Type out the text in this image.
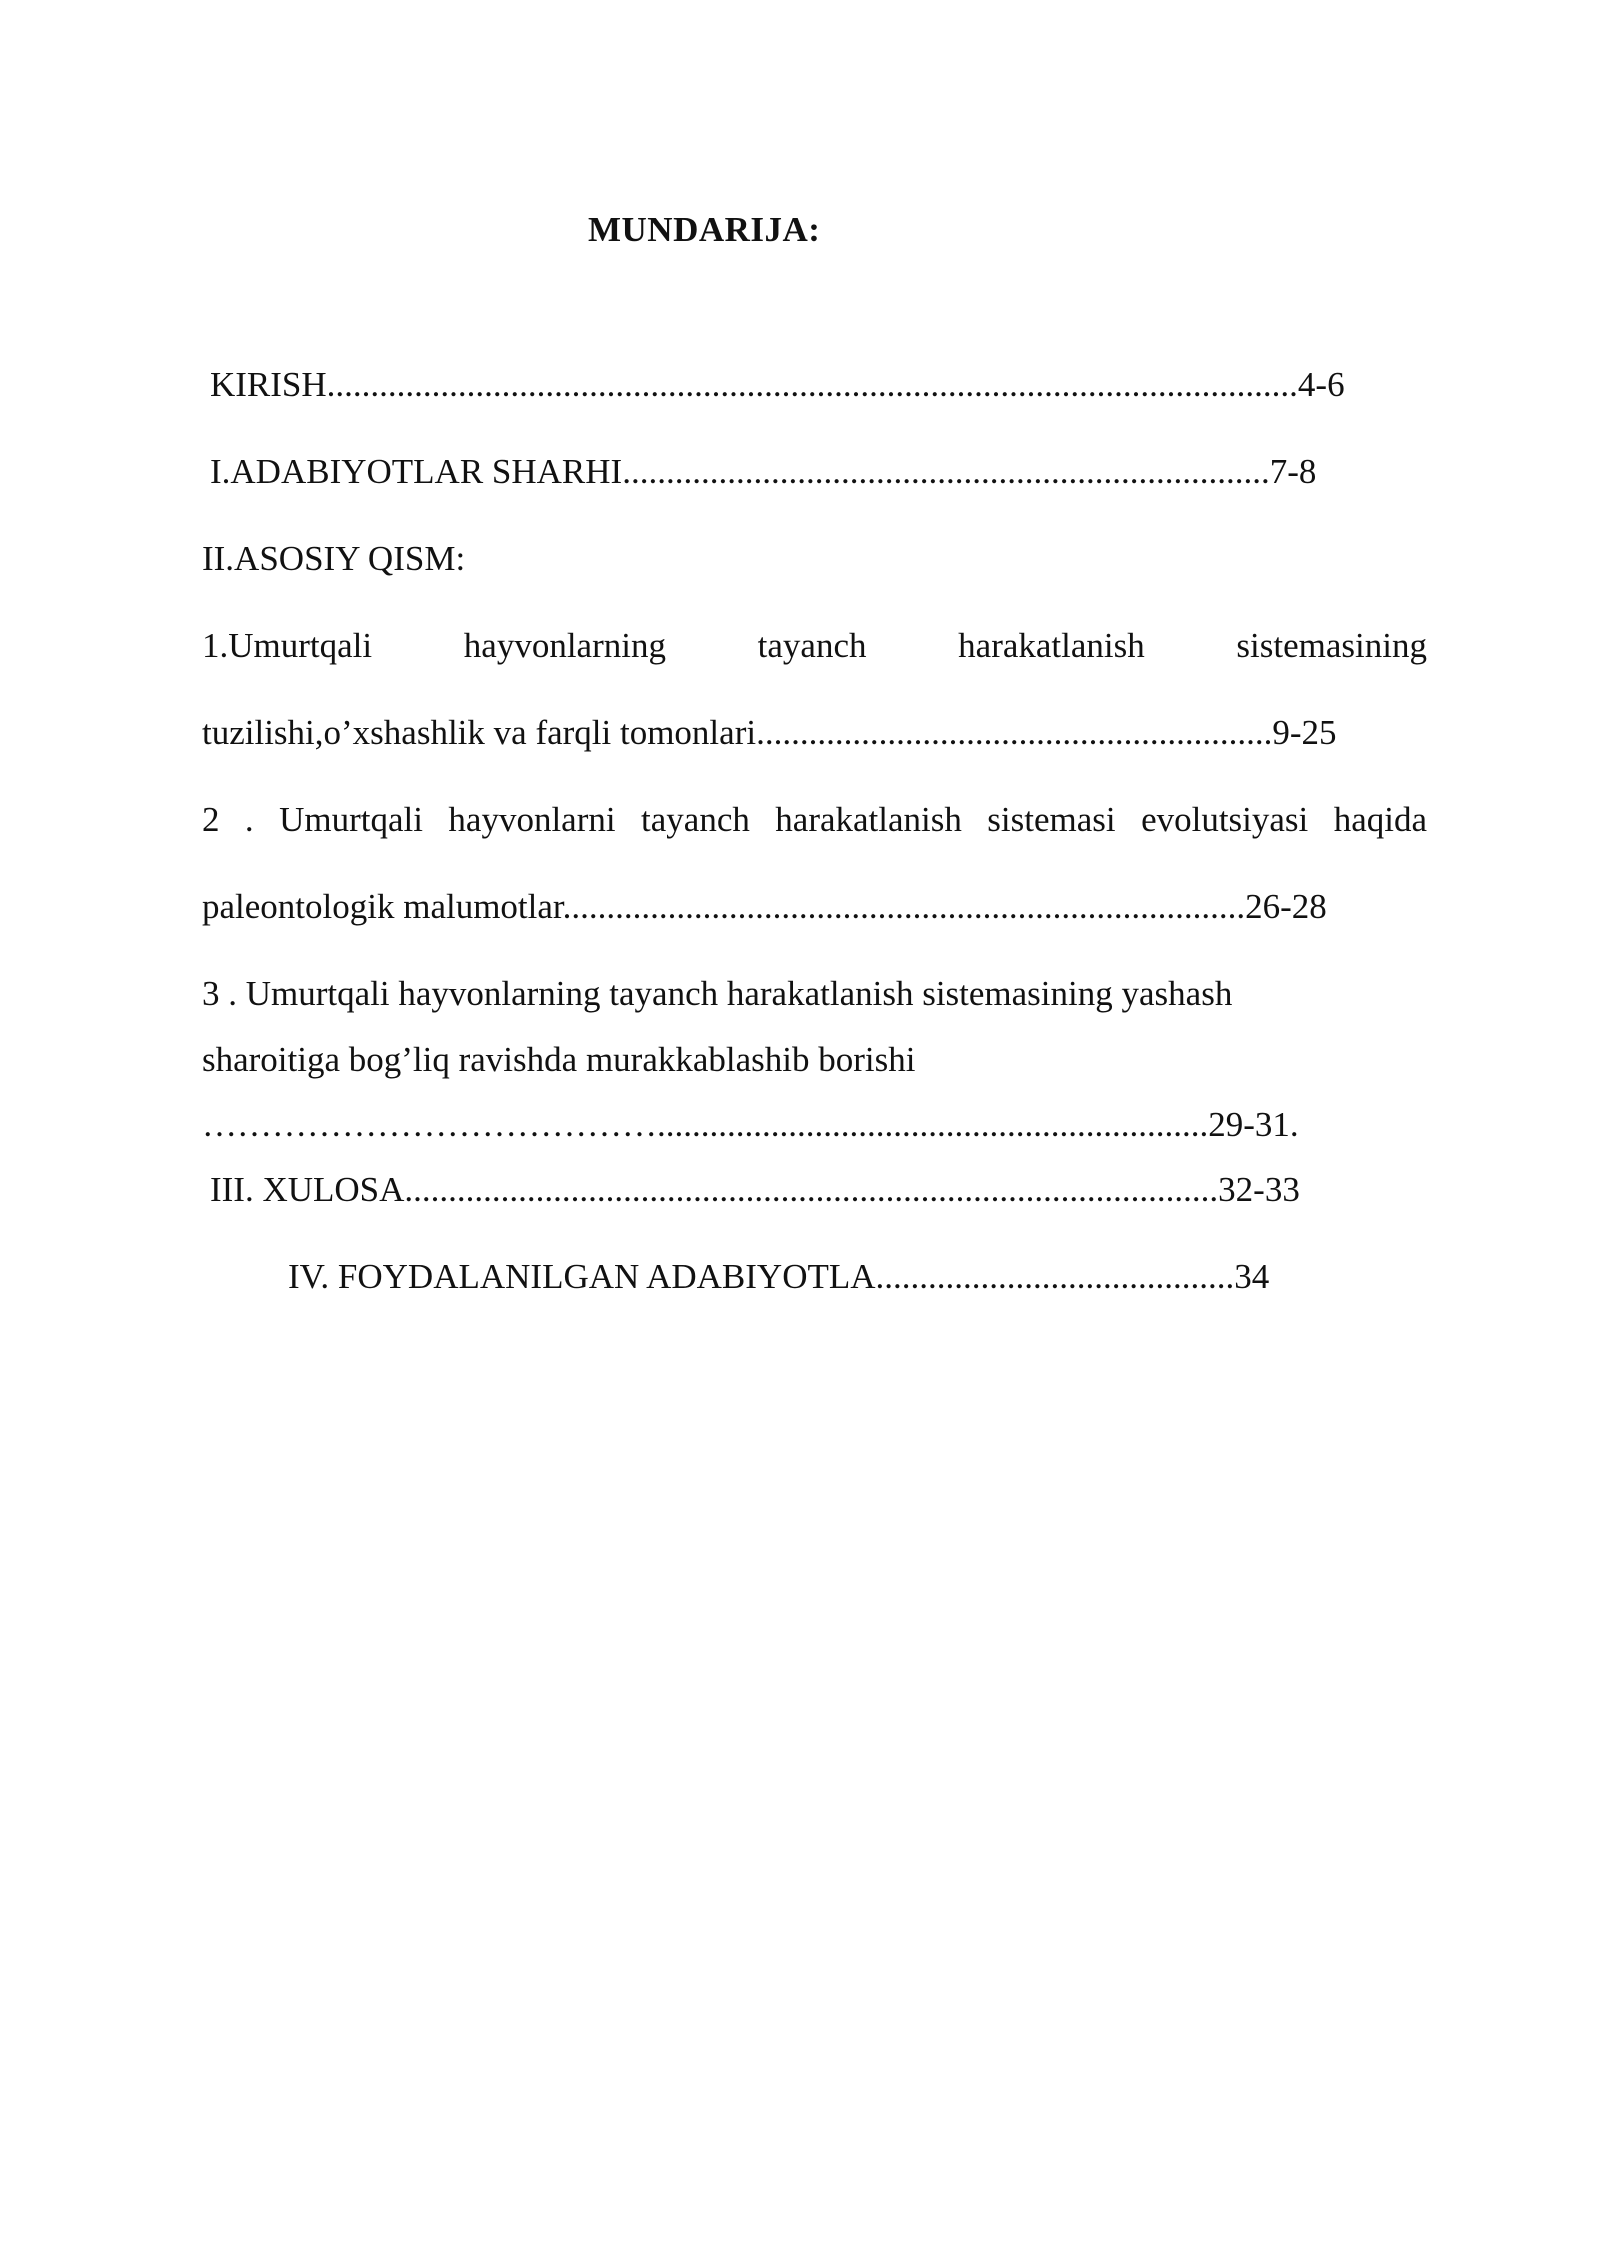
MUNDARIJA:
KIRISH...............................................................................................................4-6
I.ADABIYOTLAR SHARHI..........................................................................7-8
II.ASOSIY QISM:
1.Umurtqali hayvonlarning tayanch harakatlanish sistemasining
tuzilishi,o’xshashlik va farqli tomonlari...........................................................9-25
2 . Umurtqali hayvonlarni tayanch harakatlanish sistemasi evolutsiyasi haqida
paleontologik malumotlar..............................................................................26-28
3 . Umurtqali hayvonlarning tayanch harakatlanish sistemasining yashash
sharoitiga bog’liq ravishda murakkablashib borishi
…………………………………...............................................................29-31.
III. XULOSA.............................................................................................32-33
IV. FOYDALANILGAN ADABIYOTLA.........................................34
